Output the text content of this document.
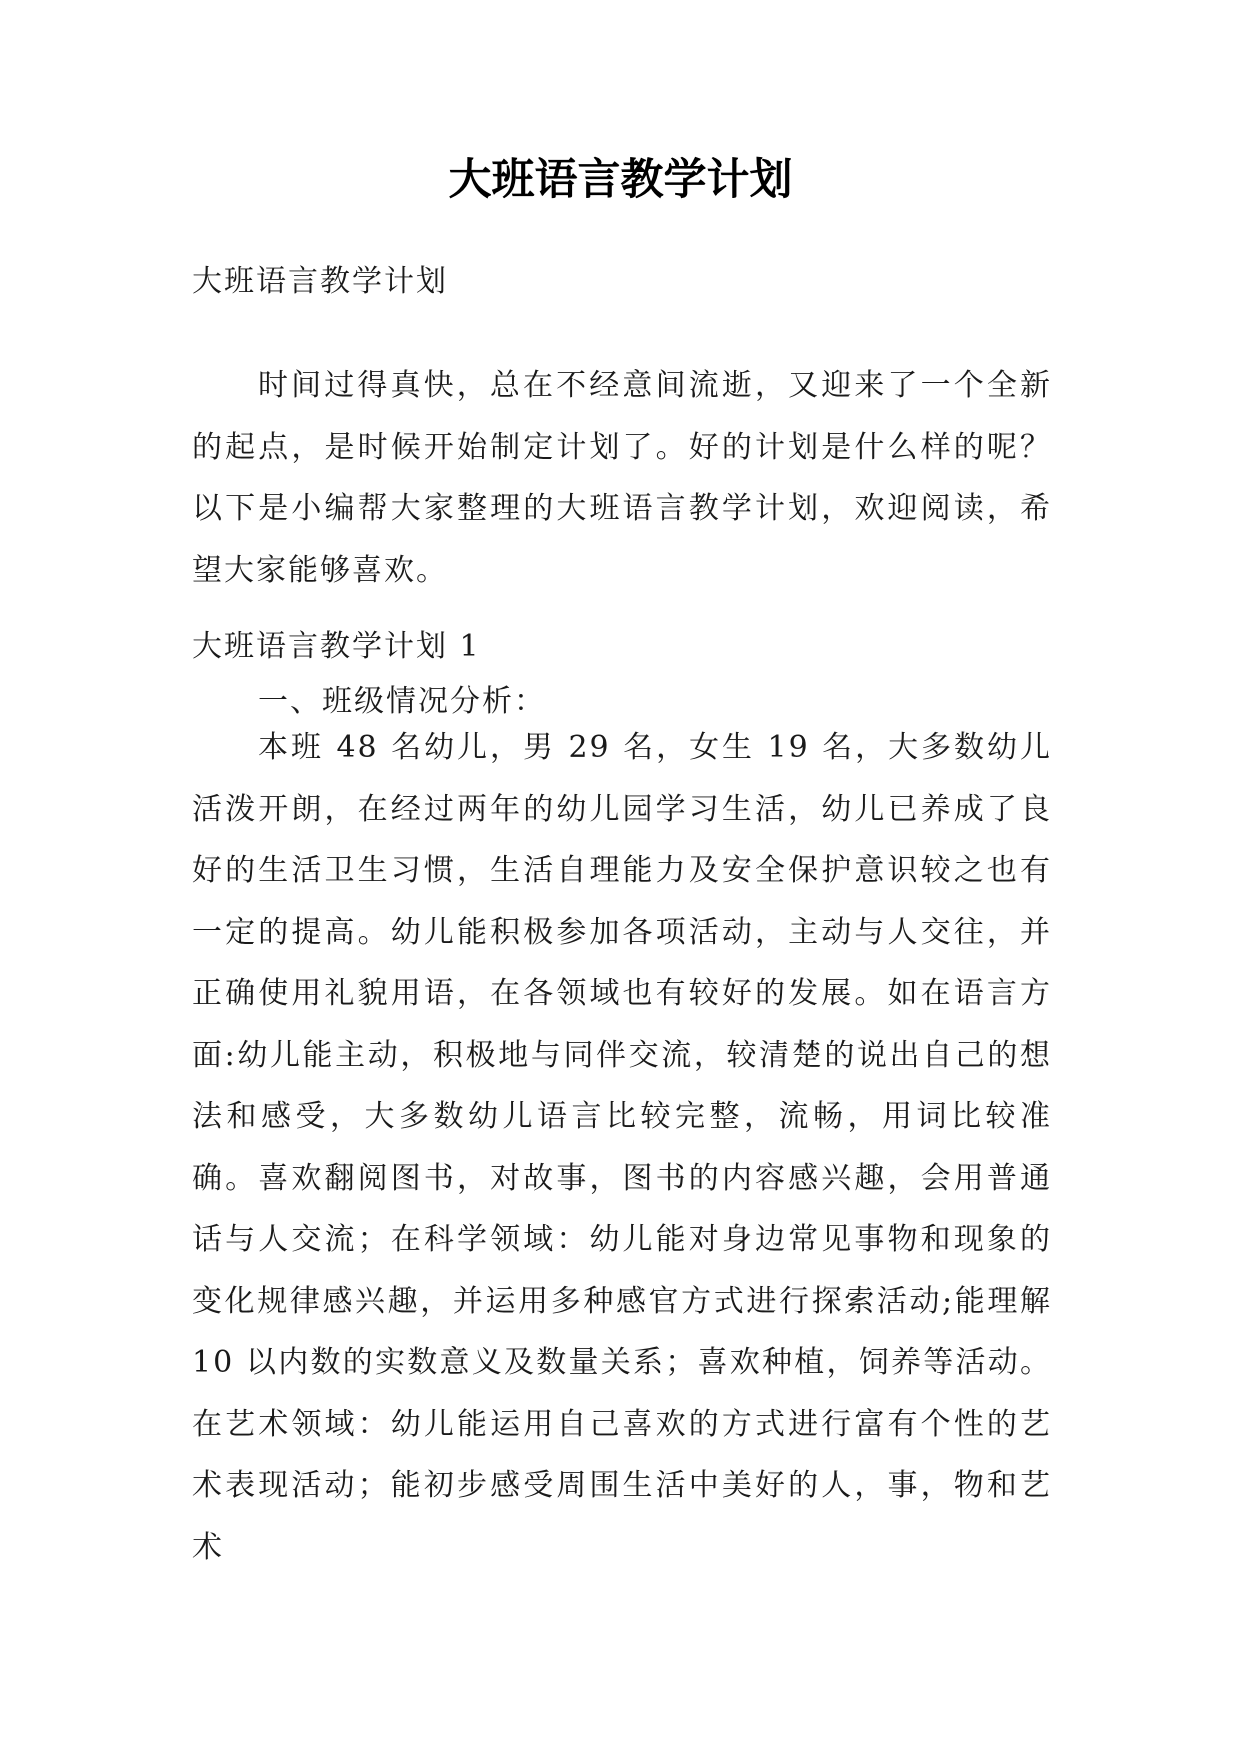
大班语言教学计划
大班语言教学计划

时间过得真快，总在不经意间流逝，又迎来了一个全新的起点，是时候开始制定计划了。好的计划是什么样的呢？以下是小编帮大家整理的大班语言教学计划，欢迎阅读，希望大家能够喜欢。

大班语言教学计划 1
一、班级情况分析：

本班 48 名幼儿，男 29 名，女生 19 名，大多数幼儿活泼开朗，在经过两年的幼儿园学习生活，幼儿已养成了良好的生活卫生习惯，生活自理能力及安全保护意识较之也有一定的提高。幼儿能积极参加各项活动，主动与人交往，并正确使用礼貌用语，在各领域也有较好的发展。如在语言方面:幼儿能主动，积极地与同伴交流，较清楚的说出自己的想法和感受，大多数幼儿语言比较完整，流畅，用词比较准确。喜欢翻阅图书，对故事，图书的内容感兴趣，会用普通话与人交流；在科学领域：幼儿能对身边常见事物和现象的变化规律感兴趣，并运用多种感官方式进行探索活动;能理解 10 以内数的实数意义及数量关系；喜欢种植，饲养等活动。在艺术领域：幼儿能运用自己喜欢的方式进行富有个性的艺术表现活动；能初步感受周围生活中美好的人，事，物和艺术
